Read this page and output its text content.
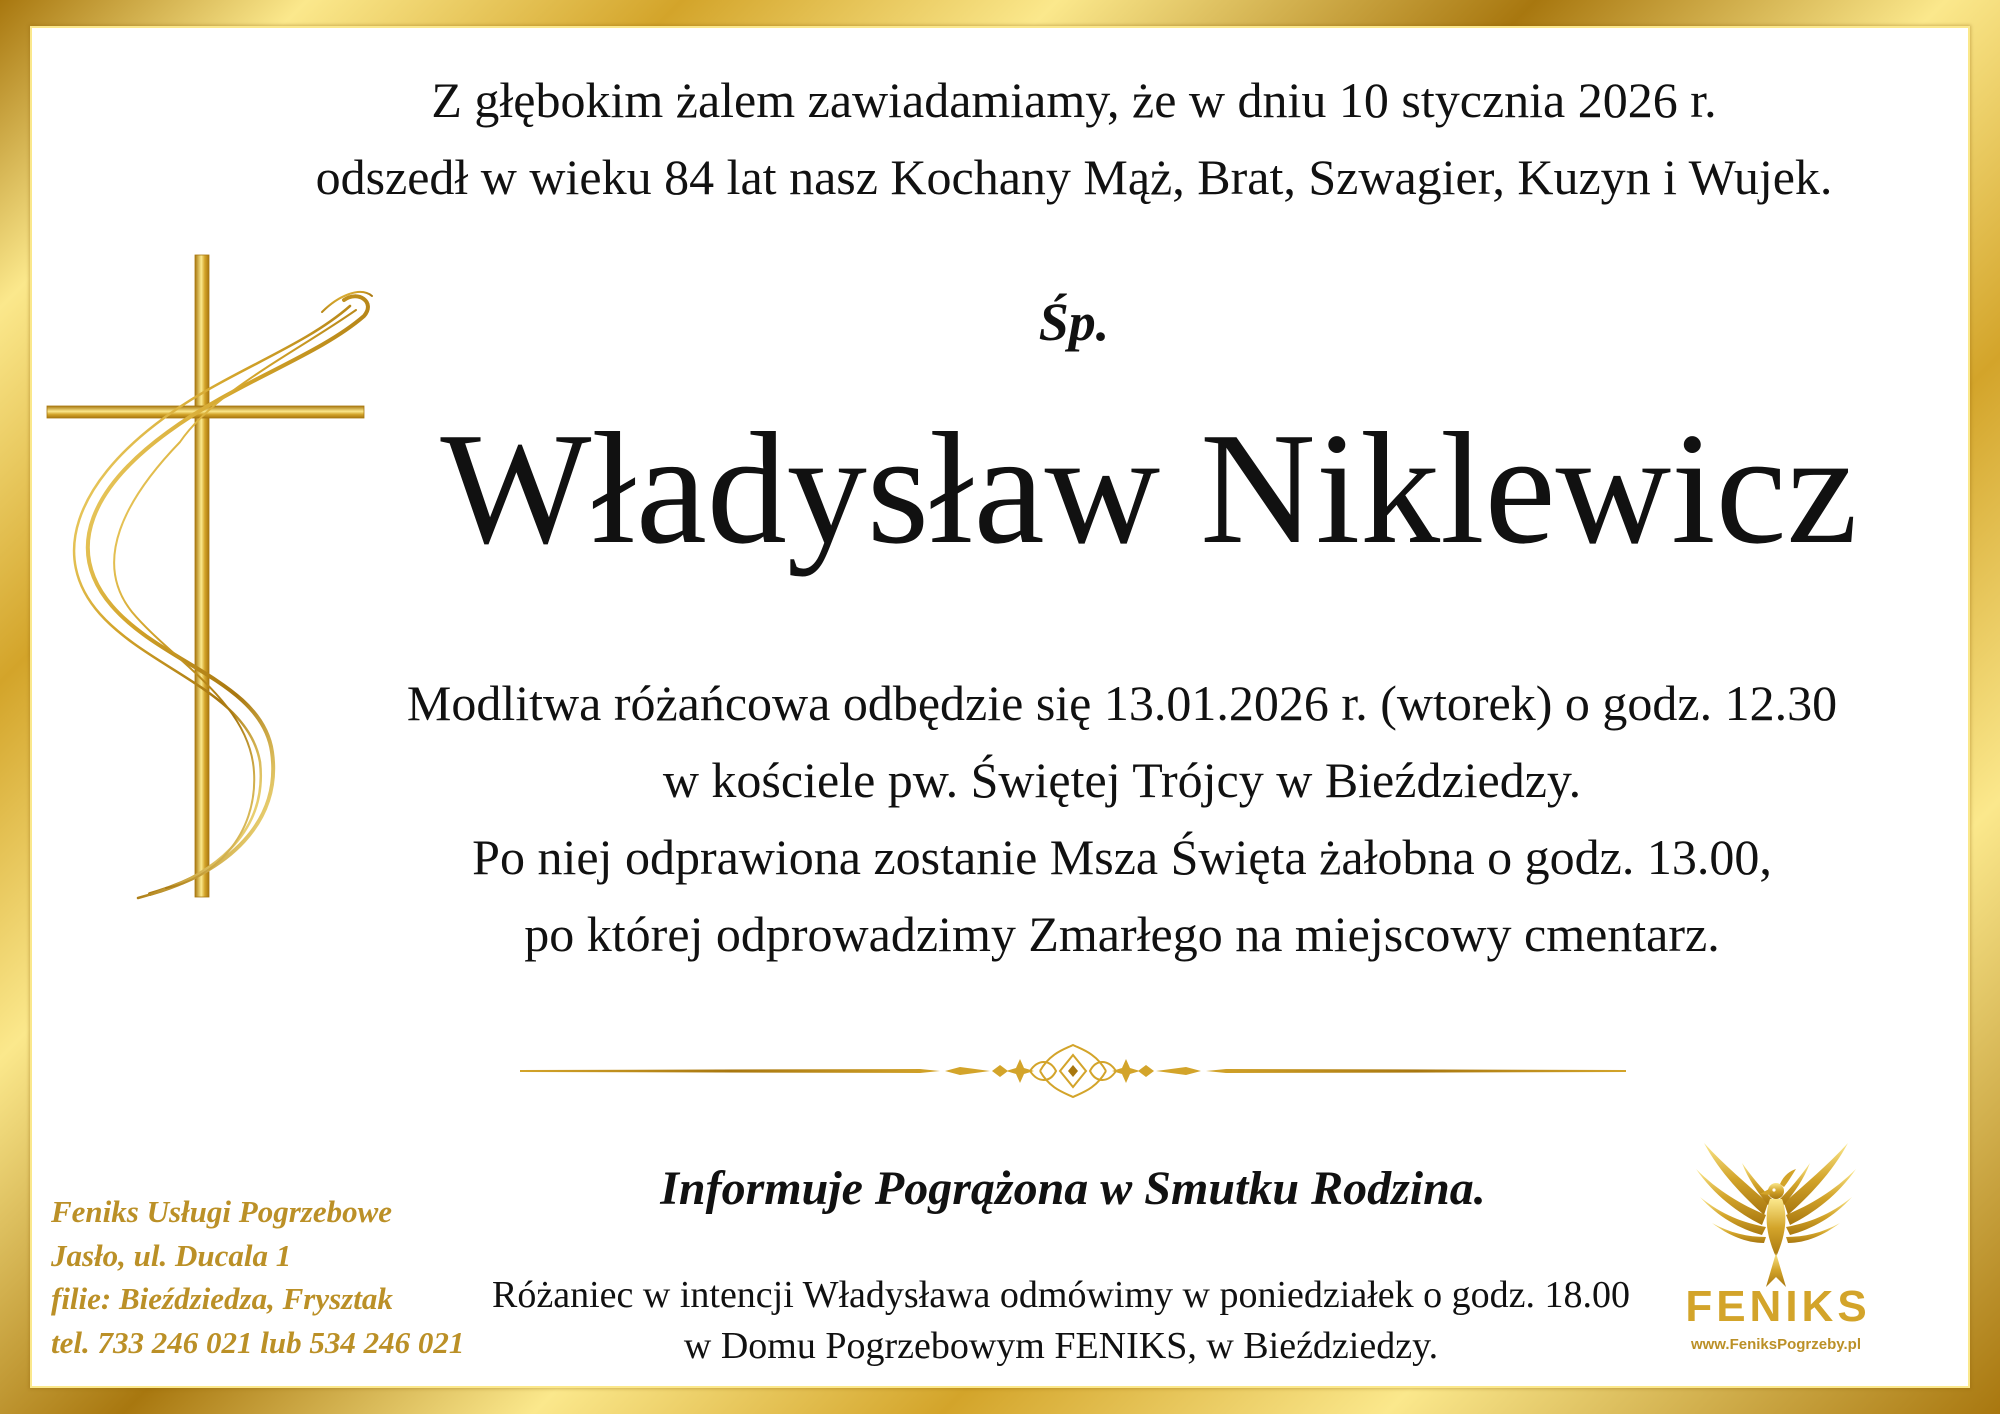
Z głębokim żalem zawiadamiamy, że w dniu 10 stycznia 2026 r.
odszedł w wieku 84 lat nasz Kochany Mąż, Brat, Szwagier, Kuzyn i Wujek.
Śp.
Władysław Niklewicz
Modlitwa różańcowa odbędzie się 13.01.2026 r. (wtorek) o godz. 12.30
w kościele pw. Świętej Trójcy w Bieździedzy.
Po niej odprawiona zostanie Msza Święta żałobna o godz. 13.00,
po której odprowadzimy Zmarłego na miejscowy cmentarz.
Informuje Pogrążona w Smutku Rodzina.
Różaniec w intencji Władysława odmówimy w poniedziałek o godz. 18.00
w Domu Pogrzebowym FENIKS, w Bieździedzy.
Feniks Usługi Pogrzebowe
Jasło, ul. Ducala 1
filie: Bieździedza, Frysztak
tel. 733 246 021 lub 534 246 021
FENIKS
www.FeniksPogrzeby.pl
